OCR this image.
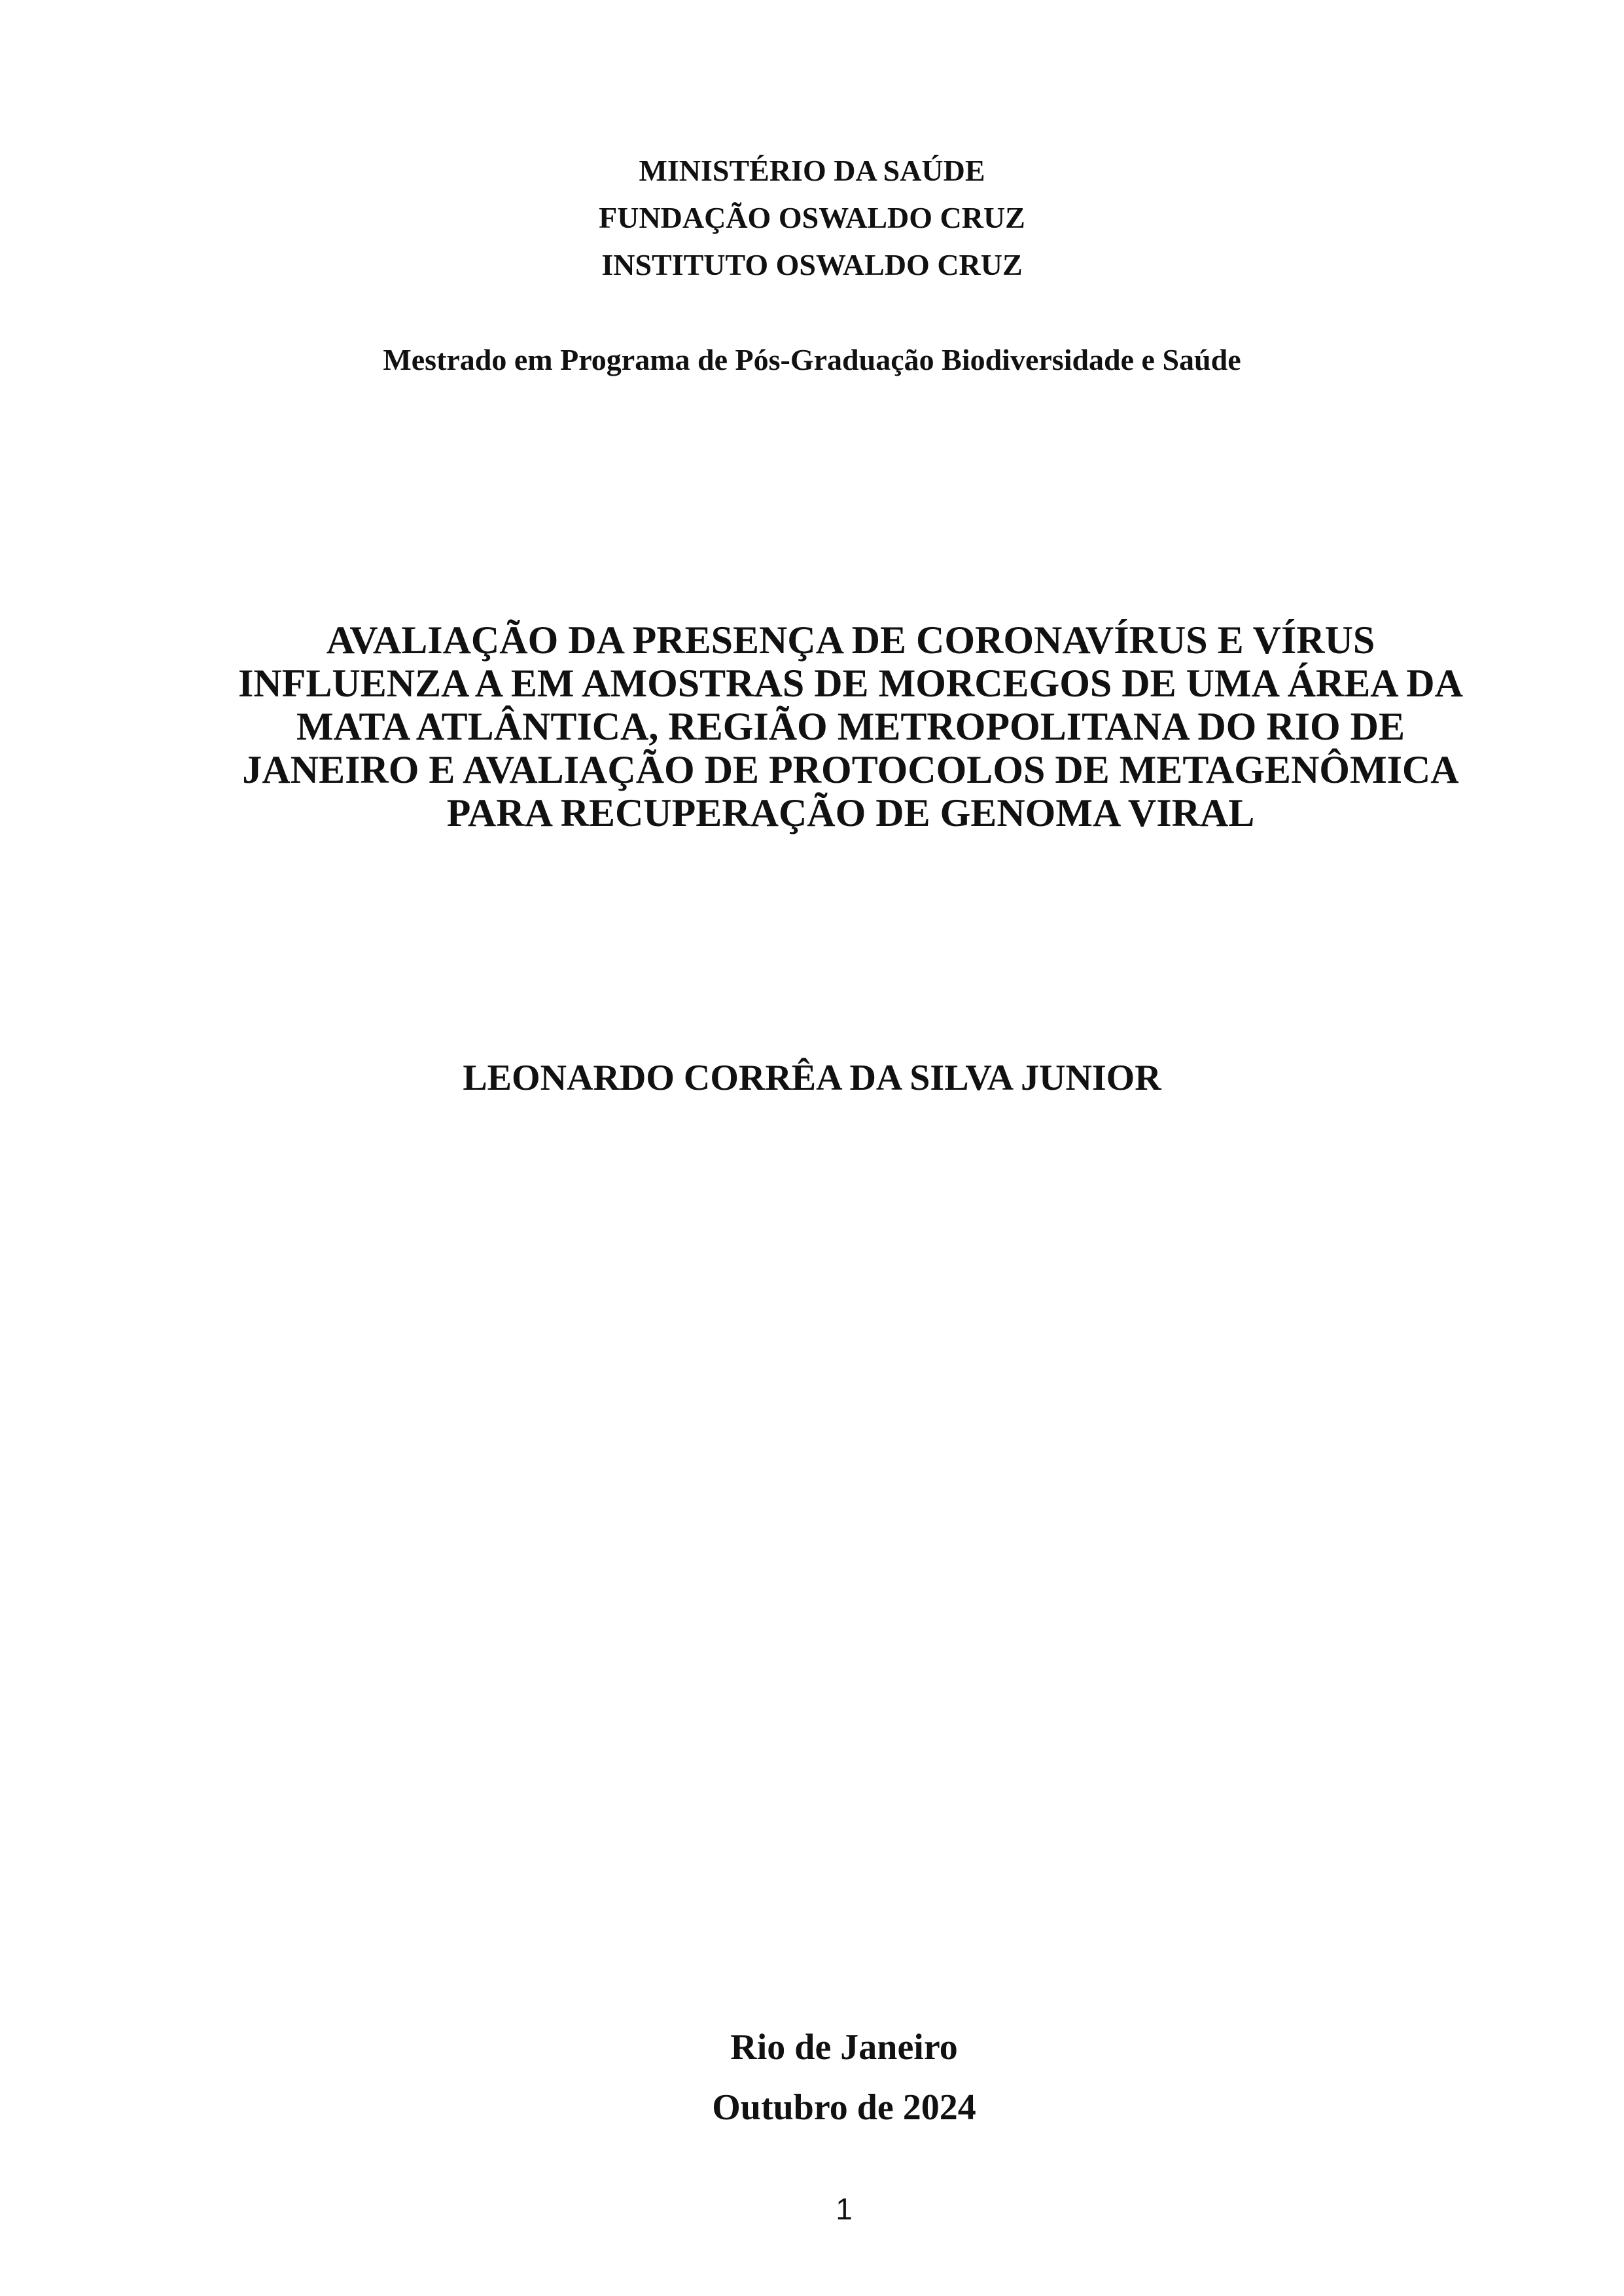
MINISTÉRIO DA SAÚDE
FUNDAÇÃO OSWALDO CRUZ
INSTITUTO OSWALDO CRUZ
Mestrado em Programa de Pós-Graduação Biodiversidade e Saúde
AVALIAÇÃO DA PRESENÇA DE CORONAVÍRUS E VÍRUS
INFLUENZA A EM AMOSTRAS DE MORCEGOS DE UMA ÁREA DA
MATA ATLÂNTICA, REGIÃO METROPOLITANA DO RIO DE
JANEIRO E AVALIAÇÃO DE PROTOCOLOS DE METAGENÔMICA
PARA RECUPERAÇÃO DE GENOMA VIRAL
LEONARDO CORRÊA DA SILVA JUNIOR
Rio de Janeiro
Outubro de 2024
1
